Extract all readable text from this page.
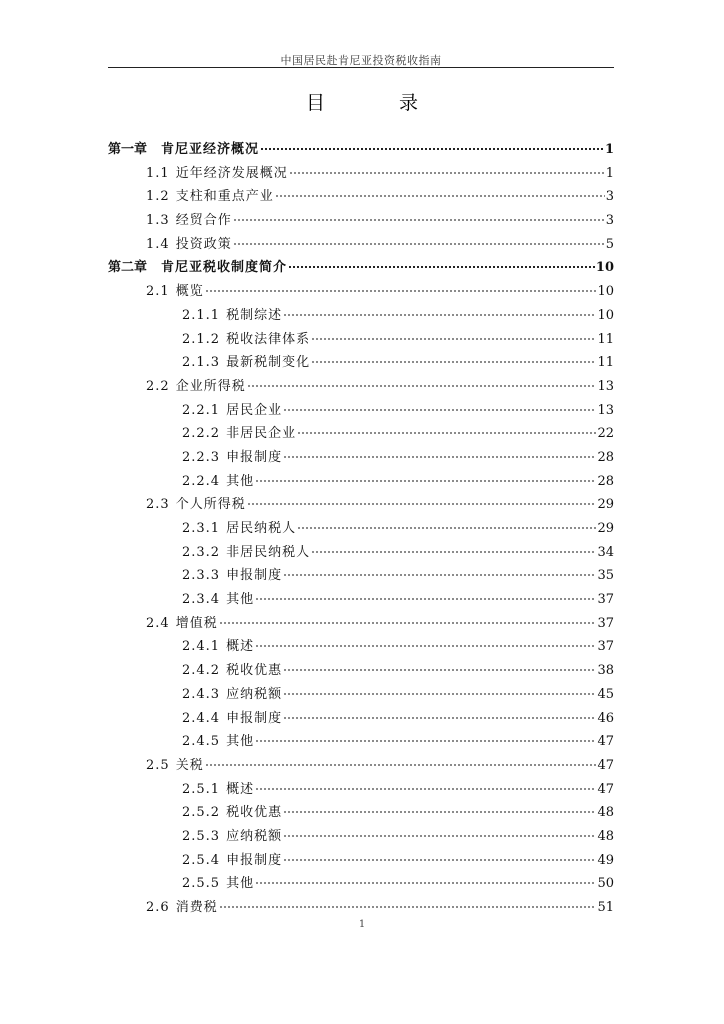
中国居民赴肯尼亚投资税收指南
目 录
第一章 肯尼亚经济概况	1
1.1 近年经济发展概况	1
1.2 支柱和重点产业	3
1.3 经贸合作	3
1.4 投资政策	5
第二章 肯尼亚税收制度简介	10
2.1 概览	10
2.1.1 税制综述	10
2.1.2 税收法律体系	11
2.1.3 最新税制变化	11
2.2 企业所得税	13
2.2.1 居民企业	13
2.2.2 非居民企业	22
2.2.3 申报制度	28
2.2.4 其他	28
2.3 个人所得税	29
2.3.1 居民纳税人	29
2.3.2 非居民纳税人	34
2.3.3 申报制度	35
2.3.4 其他	37
2.4 增值税	37
2.4.1 概述	37
2.4.2 税收优惠	38
2.4.3 应纳税额	45
2.4.4 申报制度	46
2.4.5 其他	47
2.5 关税	47
2.5.1 概述	47
2.5.2 税收优惠	48
2.5.3 应纳税额	48
2.5.4 申报制度	49
2.5.5 其他	50
2.6 消费税	51
1
